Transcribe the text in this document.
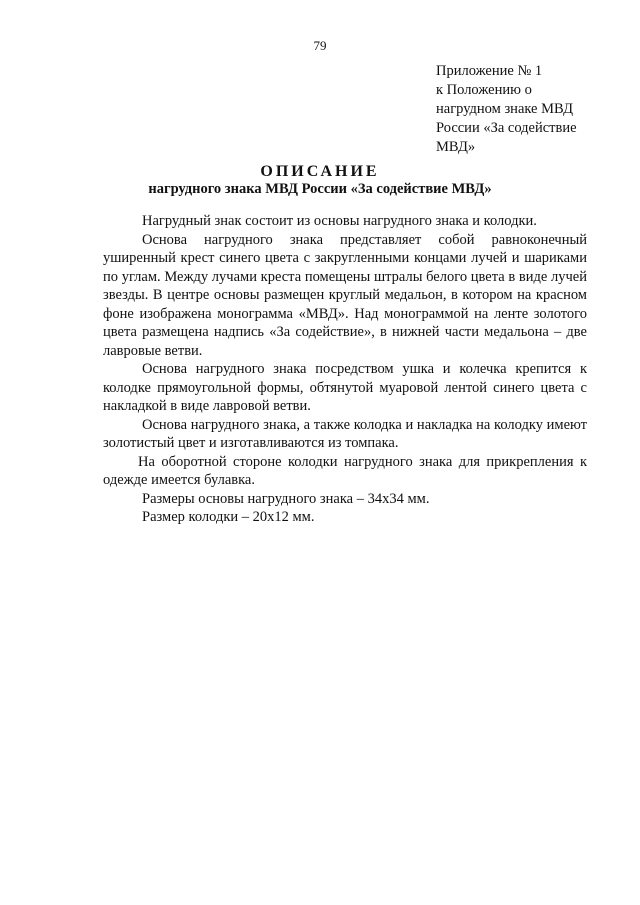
79
Приложение № 1
к Положению о
нагрудном знаке МВД
России «За содействие
МВД»
ОПИСАНИЕ
нагрудного знака МВД России «За содействие МВД»

Нагрудный знак состоит из основы нагрудного знака и колодки.

Основа нагрудного знака представляет собой равноконечный уширенный крест синего цвета с закругленными концами лучей и шариками по углам. Между лучами креста помещены штралы белого цвета в виде лучей звезды. В центре основы размещен круглый медальон, в котором на красном фоне изображена монограмма «МВД». Над монограммой на ленте золотого цвета размещена надпись «За содействие», в нижней части медальона – две лавровые ветви.

Основа нагрудного знака посредством ушка и колечка крепится к колодке прямоугольной формы, обтянутой муаровой лентой синего цвета с накладкой в виде лавровой ветви.

Основа нагрудного знака, а также колодка и накладка на колодку имеют золотистый цвет и изготавливаются из томпака.

На оборотной стороне колодки нагрудного знака для прикрепления к одежде имеется булавка.

Размеры основы нагрудного знака – 34х34 мм.

Размер колодки – 20х12 мм.
